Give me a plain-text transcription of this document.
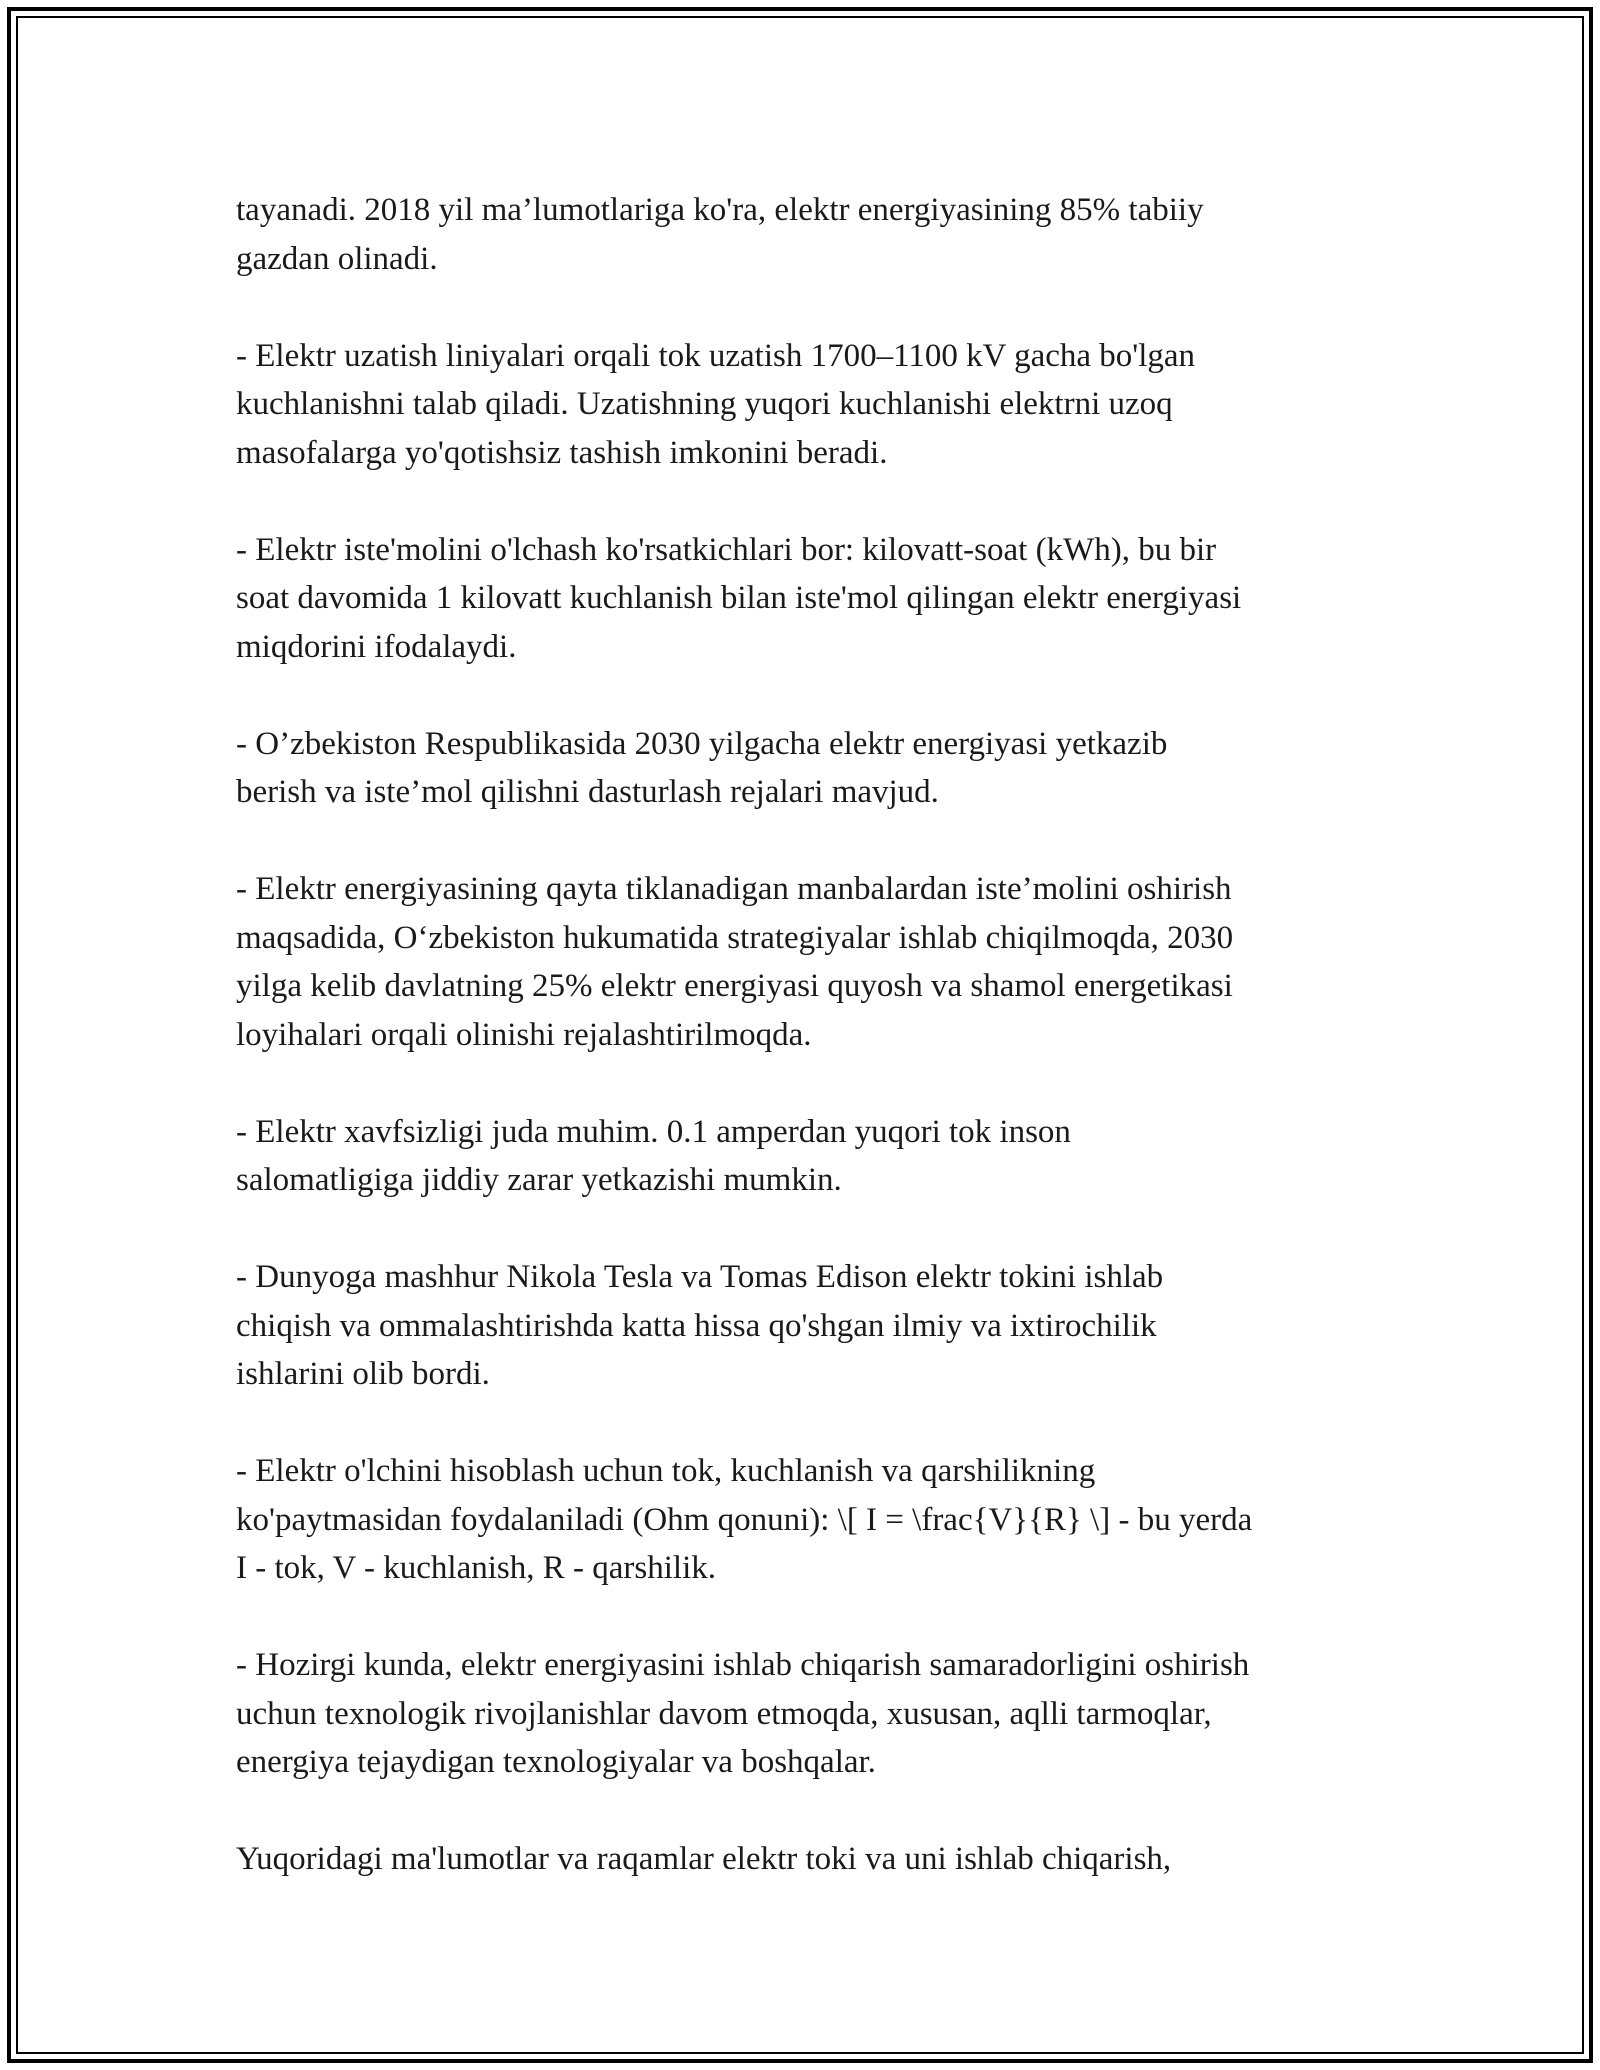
tayanadi. 2018 yil ma’lumotlariga ko'ra, elektr energiyasining 85% tabiiy
gazdan olinadi.

- Elektr uzatish liniyalari orqali tok uzatish 1700–1100 kV gacha bo'lgan
kuchlanishni talab qiladi. Uzatishning yuqori kuchlanishi elektrni uzoq
masofalarga yo'qotishsiz tashish imkonini beradi.

- Elektr iste'molini o'lchash ko'rsatkichlari bor: kilovatt-soat (kWh), bu bir
soat davomida 1 kilovatt kuchlanish bilan iste'mol qilingan elektr energiyasi
miqdorini ifodalaydi.

- O’zbekiston Respublikasida 2030 yilgacha elektr energiyasi yetkazib
berish va iste’mol qilishni dasturlash rejalari mavjud.

- Elektr energiyasining qayta tiklanadigan manbalardan iste’molini oshirish
maqsadida, O‘zbekiston hukumatida strategiyalar ishlab chiqilmoqda, 2030
yilga kelib davlatning 25% elektr energiyasi quyosh va shamol energetikasi
loyihalari orqali olinishi rejalashtirilmoqda.

- Elektr xavfsizligi juda muhim. 0.1 amperdan yuqori tok inson
salomatligiga jiddiy zarar yetkazishi mumkin.

- Dunyoga mashhur Nikola Tesla va Tomas Edison elektr tokini ishlab
chiqish va ommalashtirishda katta hissa qo'shgan ilmiy va ixtirochilik
ishlarini olib bordi.

- Elektr o'lchini hisoblash uchun tok, kuchlanish va qarshilikning
ko'paytmasidan foydalaniladi (Ohm qonuni): \[ I = \frac{V}{R} \] - bu yerda
I - tok, V - kuchlanish, R - qarshilik.

- Hozirgi kunda, elektr energiyasini ishlab chiqarish samaradorligini oshirish
uchun texnologik rivojlanishlar davom etmoqda, xususan, aqlli tarmoqlar,
energiya tejaydigan texnologiyalar va boshqalar.

Yuqoridagi ma'lumotlar va raqamlar elektr toki va uni ishlab chiqarish,
